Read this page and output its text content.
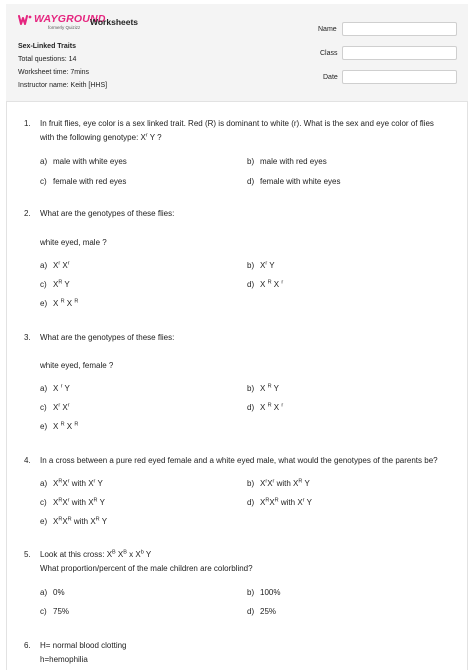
WAYGROUND
formerly Quizizz
Worksheets
Sex-Linked Traits
Total questions: 14
Worksheet time: 7mins
Instructor name: Keith [HHS]
Name
Class
Date
1.	In fruit flies, eye color is a sex linked trait. Red (R) is dominant to white (r). What is the sex and eye color of flies
with the following genotype: $X^r$ Y ?
a) male with white eyes	b) male with red eyes
c) female with red eyes	d) female with white eyes
2.	What are the genotypes of these flies:
white eyed, male ?
a) $X^r$ $X^r$	b) $X^r$ Y
c) $X^R$ Y	d) X $^R$ X $^r$
e) X $^R$ X $^R$
3.	What are the genotypes of these flies:
white eyed, female ?
a) X $^r$ Y	b) X $^R$ Y
c) $X^r$ $X^r$	d) X $^R$ X $^r$
e) X $^R$ X $^R$
4.	In a cross between a pure red eyed female and a white eyed male, what would the genotypes of the parents be?
a) $X^RX^r$ with $X^r$ Y	b) $X^rX^r$ with $X^R$ Y
c) $X^RX^r$ with $X^R$ Y	d) $X^RX^R$ with $X^r$ Y
e) $X^RX^R$ with $X^R$ Y
5.	Look at this cross: $X^B$ $X^B$ x $X^b$ Y
What proportion/percent of the male children are colorblind?
a) 0%	b) 100%
c) 75%	d) 25%
6.	H= normal blood clotting
h=hemophilia
